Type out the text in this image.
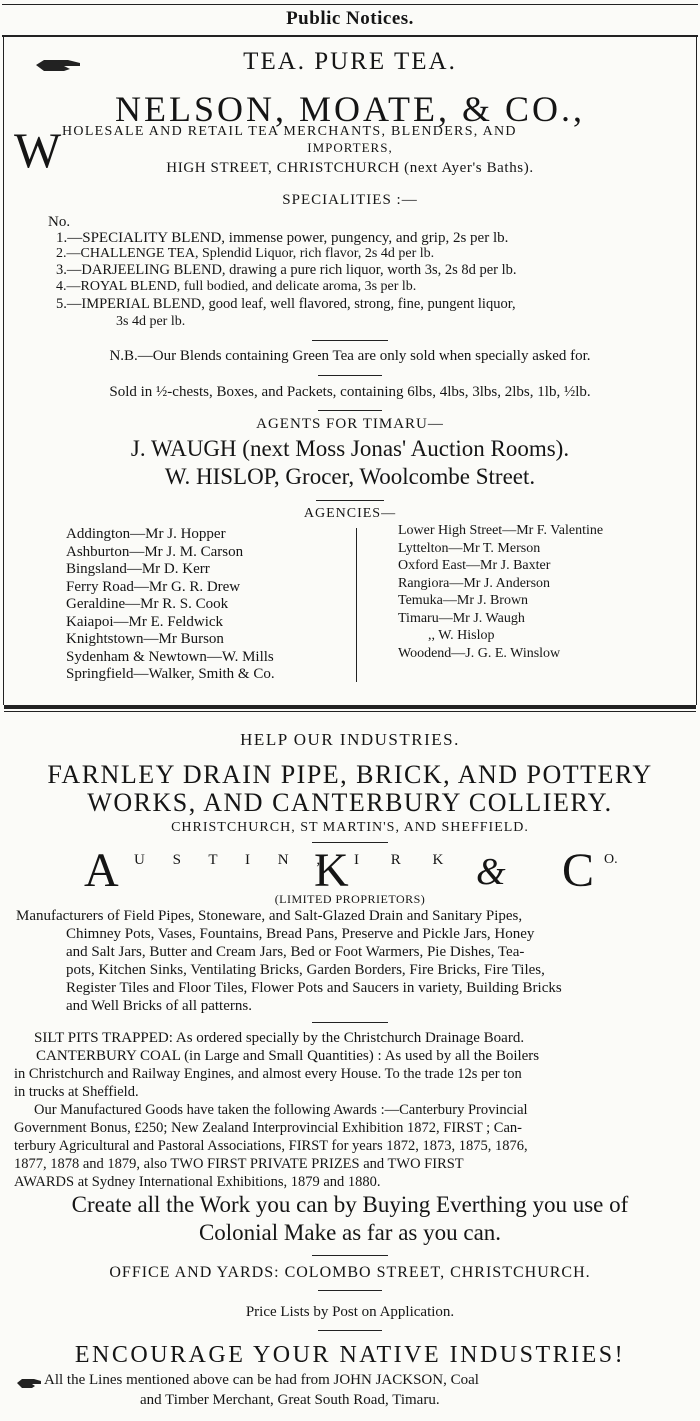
Public Notices.
TEA. PURE TEA.
NELSON, MOATE, & CO.,
W HOLESALE AND RETAIL TEA MERCHANTS, BLENDERS, AND
IMPORTERS,
HIGH STREET, CHRISTCHURCH (next Ayer's Baths).
SPECIALITIES :—
No.
1.—SPECIALITY BLEND, immense power, pungency, and grip, 2s per lb.
2.—CHALLENGE TEA, Splendid Liquor, rich flavor, 2s 4d per lb.
3.—DARJEELING BLEND, drawing a pure rich liquor, worth 3s, 2s 8d per lb.
4.—ROYAL BLEND, full bodied, and delicate aroma, 3s per lb.
5.—IMPERIAL BLEND, good leaf, well flavored, strong, fine, pungent liquor,
3s 4d per lb.
N.B.—Our Blends containing Green Tea are only sold when specially asked for.
Sold in ½-chests, Boxes, and Packets, containing 6lbs, 4lbs, 3lbs, 2lbs, 1lb, ½lb.
AGENTS FOR TIMARU—
J. WAUGH (next Moss Jonas' Auction Rooms).
W. HISLOP, Grocer, Woolcombe Street.
AGENCIES—
Addington—Mr J. Hopper
Ashburton—Mr J. M. Carson
Bingsland—Mr D. Kerr
Ferry Road—Mr G. R. Drew
Geraldine—Mr R. S. Cook
Kaiapoi—Mr E. Feldwick
Knightstown—Mr Burson
Sydenham & Newtown—W. Mills
Springfield—Walker, Smith & Co.
Lower High Street—Mr F. Valentine
Lyttelton—Mr T. Merson
Oxford East—Mr J. Baxter
Rangiora—Mr J. Anderson
Temuka—Mr J. Brown
Timaru—Mr J. Waugh
,, W. Hislop
Woodend—J. G. E. Winslow
HELP OUR INDUSTRIES.
FARNLEY DRAIN PIPE, BRICK, AND POTTERY
WORKS, AND CANTERBURY COLLIERY.
CHRISTCHURCH, ST MARTIN'S, AND SHEFFIELD.
A U S T I N ,
K I R K & C O.
(LIMITED PROPRIETORS)
Manufacturers of Field Pipes, Stoneware, and Salt-Glazed Drain and Sanitary Pipes,
Chimney Pots, Vases, Fountains, Bread Pans, Preserve and Pickle Jars, Honey
and Salt Jars, Butter and Cream Jars, Bed or Foot Warmers, Pie Dishes, Tea-
pots, Kitchen Sinks, Ventilating Bricks, Garden Borders, Fire Bricks, Fire Tiles,
Register Tiles and Floor Tiles, Flower Pots and Saucers in variety, Building Bricks
and Well Bricks of all patterns.
SILT PITS TRAPPED: As ordered specially by the Christchurch Drainage Board.
CANTERBURY COAL (in Large and Small Quantities) : As used by all the Boilers
in Christchurch and Railway Engines, and almost every House. To the trade 12s per ton
in trucks at Sheffield.
Our Manufactured Goods have taken the following Awards :—Canterbury Provincial
Government Bonus, £250; New Zealand Interprovincial Exhibition 1872, FIRST ; Can-
terbury Agricultural and Pastoral Associations, FIRST for years 1872, 1873, 1875, 1876,
1877, 1878 and 1879, also TWO FIRST PRIVATE PRIZES and TWO FIRST
AWARDS at Sydney International Exhibitions, 1879 and 1880.
Create all the Work you can by Buying Everthing you use of
Colonial Make as far as you can.
OFFICE AND YARDS: COLOMBO STREET, CHRISTCHURCH.
Price Lists by Post on Application.
ENCOURAGE YOUR NATIVE INDUSTRIES!
All the Lines mentioned above can be had from JOHN JACKSON, Coal
and Timber Merchant, Great South Road, Timaru.
